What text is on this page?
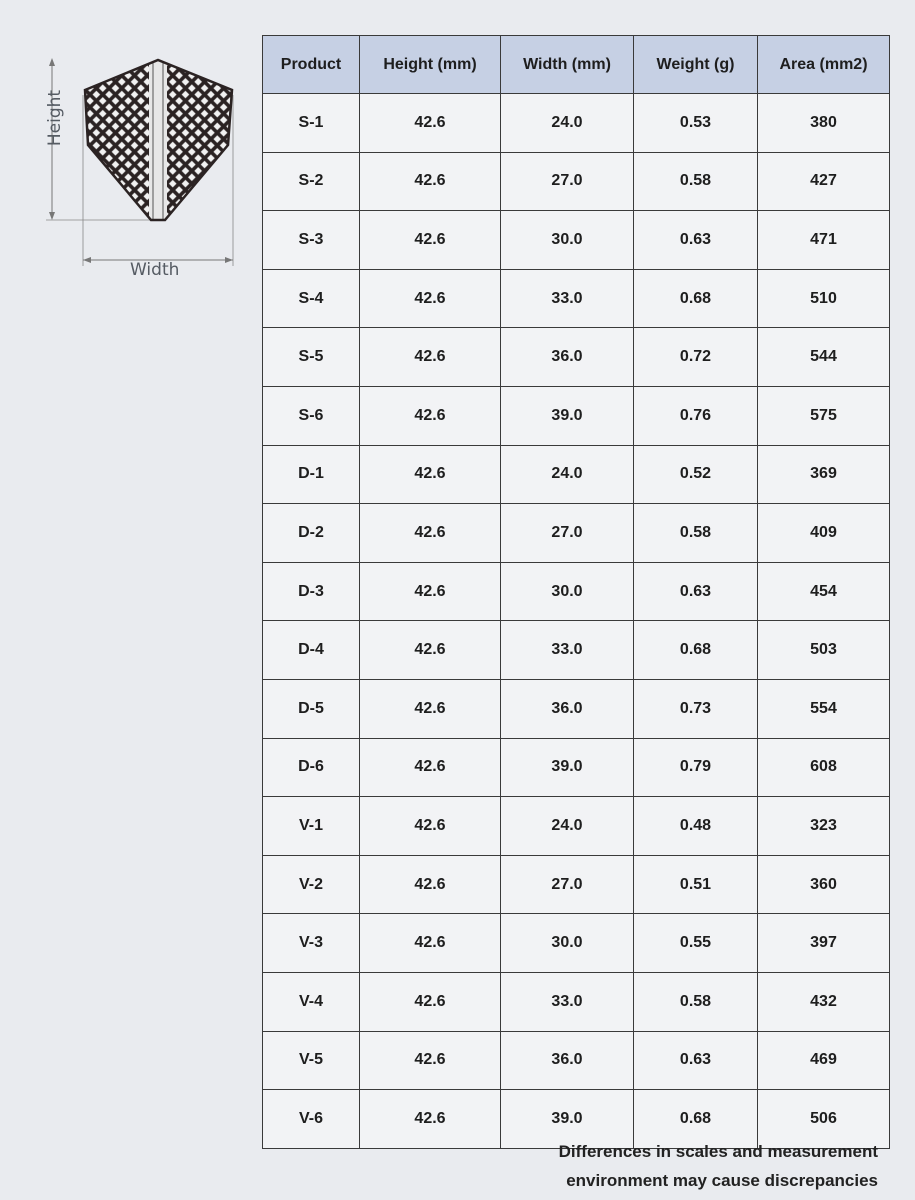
Height
Width
Product	Height (mm)	Width (mm)	Weight (g)	Area (mm2)
S-1	42.6	24.0	0.53	380
S-2	42.6	27.0	0.58	427
S-3	42.6	30.0	0.63	471
S-4	42.6	33.0	0.68	510
S-5	42.6	36.0	0.72	544
S-6	42.6	39.0	0.76	575
D-1	42.6	24.0	0.52	369
D-2	42.6	27.0	0.58	409
D-3	42.6	30.0	0.63	454
D-4	42.6	33.0	0.68	503
D-5	42.6	36.0	0.73	554
D-6	42.6	39.0	0.79	608
V-1	42.6	24.0	0.48	323
V-2	42.6	27.0	0.51	360
V-3	42.6	30.0	0.55	397
V-4	42.6	33.0	0.58	432
V-5	42.6	36.0	0.63	469
V-6	42.6	39.0	0.68	506
Differences in scales and measurement
environment may cause discrepancies
